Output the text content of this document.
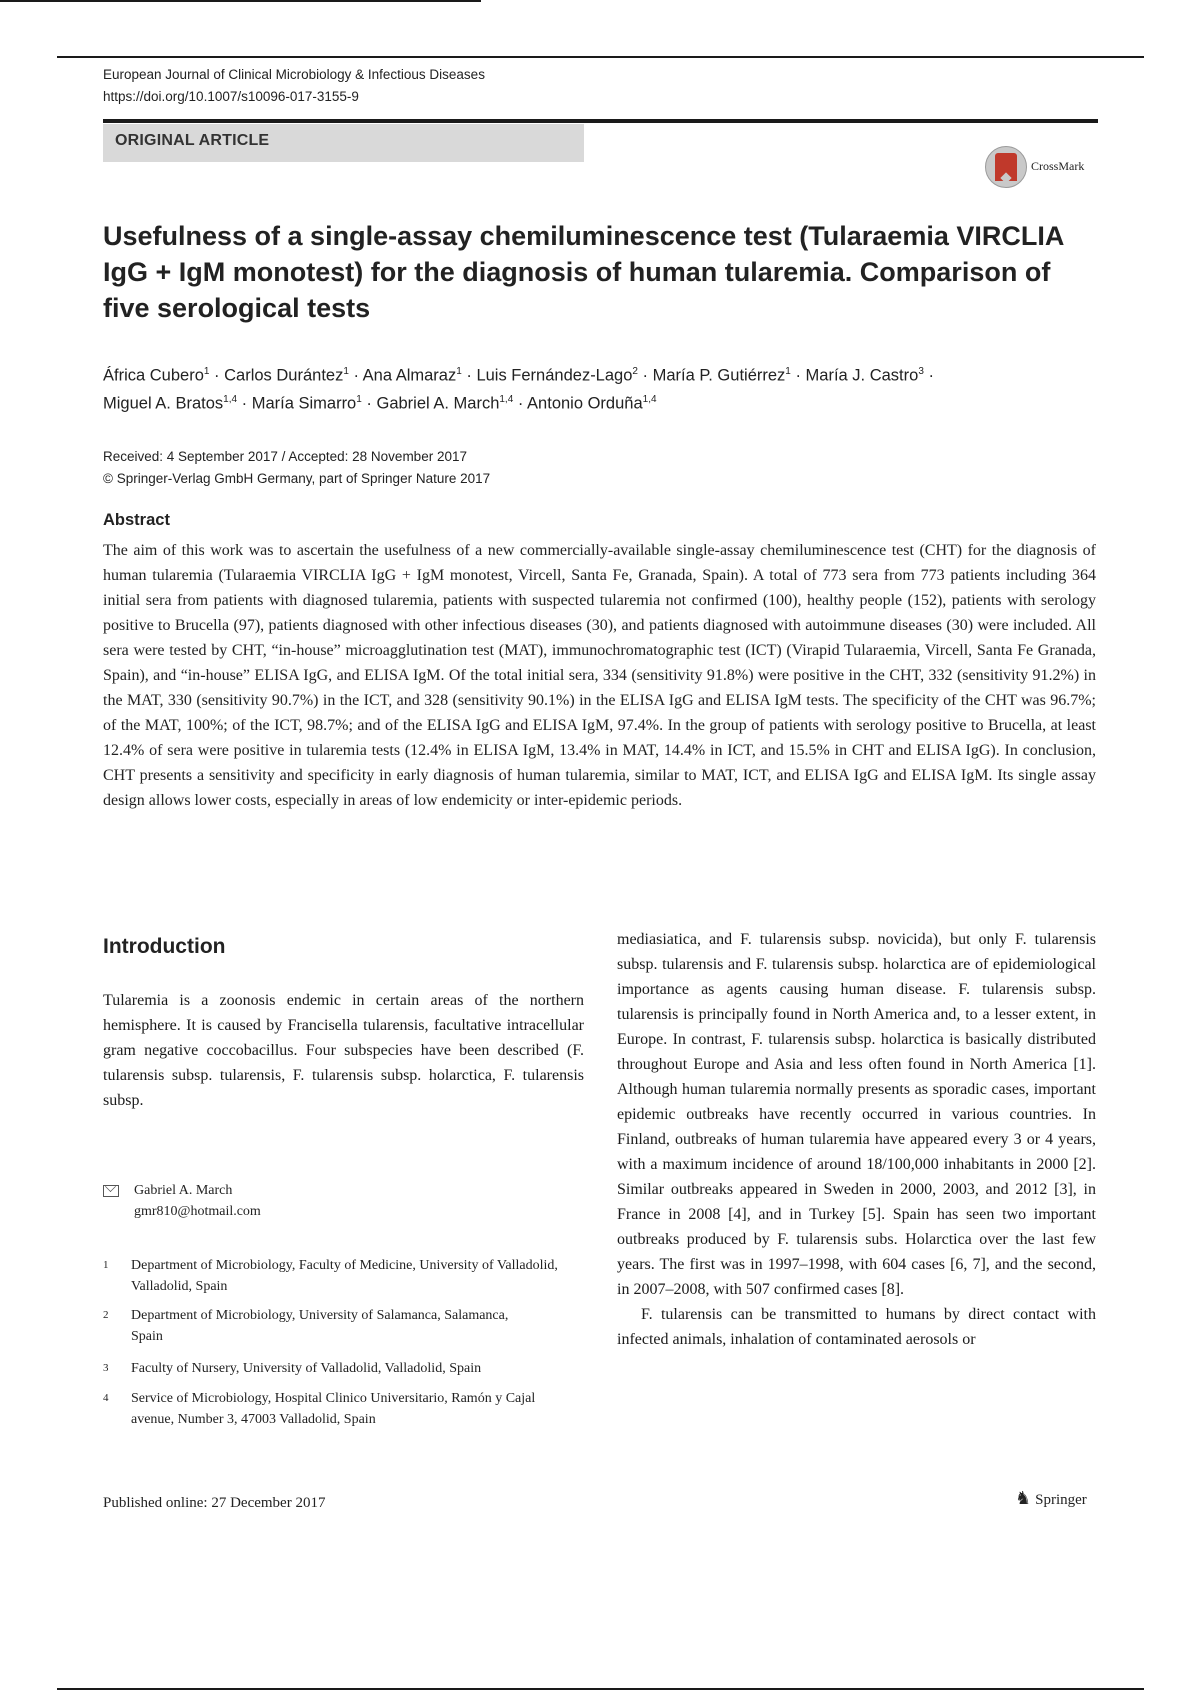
European Journal of Clinical Microbiology & Infectious Diseases
https://doi.org/10.1007/s10096-017-3155-9
ORIGINAL ARTICLE
CrossMark
Usefulness of a single-assay chemiluminescence test (Tularaemia VIRCLIA IgG + IgM monotest) for the diagnosis of human tularemia. Comparison of five serological tests
África Cubero$^1$ · Carlos Durántez$^1$ · Ana Almaraz$^1$ · Luis Fernández-Lago$^2$ · María P. Gutiérrez$^1$ · María J. Castro$^3$ ·
Miguel A. Bratos$^{1,4}$ · María Simarro$^1$ · Gabriel A. March$^{1,4}$ · Antonio Orduña$^{1,4}$
Received: 4 September 2017 / Accepted: 28 November 2017
© Springer-Verlag GmbH Germany, part of Springer Nature 2017
Abstract
The aim of this work was to ascertain the usefulness of a new commercially-available single-assay chemiluminescence test (CHT) for the diagnosis of human tularemia (Tularaemia VIRCLIA IgG + IgM monotest, Vircell, Santa Fe, Granada, Spain). A total of 773 sera from 773 patients including 364 initial sera from patients with diagnosed tularemia, patients with suspected tularemia not confirmed (100), healthy people (152), patients with serology positive to Brucella (97), patients diagnosed with other infectious diseases (30), and patients diagnosed with autoimmune diseases (30) were included. All sera were tested by CHT, “in-house” microagglutination test (MAT), immunochromatographic test (ICT) (Virapid Tularaemia, Vircell, Santa Fe Granada, Spain), and “in-house” ELISA IgG, and ELISA IgM. Of the total initial sera, 334 (sensitivity 91.8%) were positive in the CHT, 332 (sensitivity 91.2%) in the MAT, 330 (sensitivity 90.7%) in the ICT, and 328 (sensitivity 90.1%) in the ELISA IgG and ELISA IgM tests. The specificity of the CHT was 96.7%; of the MAT, 100%; of the ICT, 98.7%; and of the ELISA IgG and ELISA IgM, 97.4%. In the group of patients with serology positive to Brucella, at least 12.4% of sera were positive in tularemia tests (12.4% in ELISA IgM, 13.4% in MAT, 14.4% in ICT, and 15.5% in CHT and ELISA IgG). In conclusion, CHT presents a sensitivity and specificity in early diagnosis of human tularemia, similar to MAT, ICT, and ELISA IgG and ELISA IgM. Its single assay design allows lower costs, especially in areas of low endemicity or inter-epidemic periods.
Introduction
Tularemia is a zoonosis endemic in certain areas of the northern hemisphere. It is caused by Francisella tularensis, facultative intracellular gram negative coccobacillus. Four subspecies have been described (F. tularensis subsp. tularensis, F. tularensis subsp. holarctica, F. tularensis subsp.
Gabriel A. March
gmr810@hotmail.com
1 Department of Microbiology, Faculty of Medicine, University of Valladolid, Valladolid, Spain
2 Department of Microbiology, University of Salamanca, Salamanca, Spain
3 Faculty of Nursery, University of Valladolid, Valladolid, Spain
4 Service of Microbiology, Hospital Clinico Universitario, Ramón y Cajal avenue, Number 3, 47003 Valladolid, Spain

mediasiatica, and F. tularensis subsp. novicida), but only F. tularensis subsp. tularensis and F. tularensis subsp. holarctica are of epidemiological importance as agents causing human disease. F. tularensis subsp. tularensis is principally found in North America and, to a lesser extent, in Europe. In contrast, F. tularensis subsp. holarctica is basically distributed throughout Europe and Asia and less often found in North America [1]. Although human tularemia normally presents as sporadic cases, important epidemic outbreaks have recently occurred in various countries. In Finland, outbreaks of human tularemia have appeared every 3 or 4 years, with a maximum incidence of around 18/100,000 inhabitants in 2000 [2]. Similar outbreaks appeared in Sweden in 2000, 2003, and 2012 [3], in France in 2008 [4], and in Turkey [5]. Spain has seen two important outbreaks produced by F. tularensis subs. Holarctica over the last few years. The first was in 1997–1998, with 604 cases [6, 7], and the second, in 2007–2008, with 507 confirmed cases [8].

F. tularensis can be transmitted to humans by direct contact with infected animals, inhalation of contaminated aerosols or

Published online: 27 December 2017	♞ Springer
